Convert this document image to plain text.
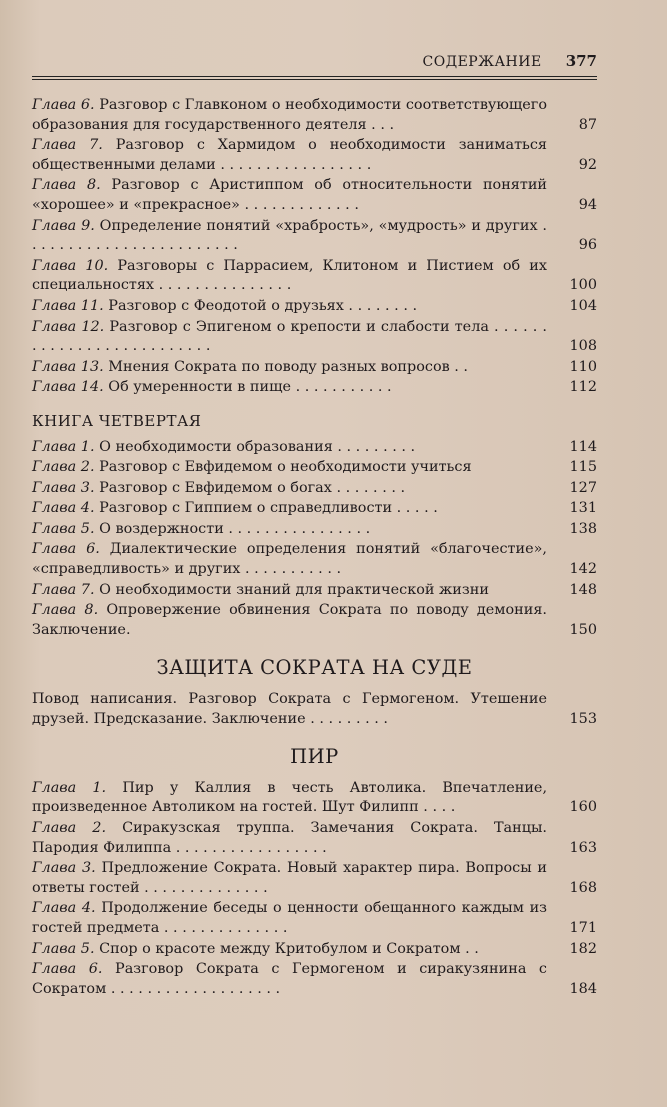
СОДЕРЖАНИЕ 377
Глава 6. Разговор с Главконом о необходимости соответствующего образования для государственного деятеля . . .	87
Глава 7. Разговор с Хармидом о необходимости заниматься общественными делами . . . . . . . . . . . . . . . . .	92
Глава 8. Разговор с Аристиппом об относительности понятий «хорошее» и «прекрасное» . . . . . . . . . . . . .	94
Глава 9. Определение понятий «храбрость», «мудрость» и других . . . . . . . . . . . . . . . . . . . . . . . .	96
Глава 10. Разговоры с Паррасием, Клитоном и Пистием об их специальностях . . . . . . . . . . . . . . .	100
Глава 11. Разговор с Феодотой о друзьях . . . . . . . .	104
Глава 12. Разговор с Эпигеном о крепости и слабости тела . . . . . . . . . . . . . . . . . . . . . . . . . .	108
Глава 13. Мнения Сократа по поводу разных вопросов . .	110
Глава 14. Об умеренности в пище . . . . . . . . . . .	112
КНИГА ЧЕТВЕРТАЯ
Глава 1. О необходимости образования . . . . . . . . .	114
Глава 2. Разговор с Евфидемом о необходимости учиться	115
Глава 3. Разговор с Евфидемом о богах . . . . . . . .	127
Глава 4. Разговор с Гиппием о справедливости . . . . .	131
Глава 5. О воздержности . . . . . . . . . . . . . . . .	138
Глава 6. Диалектические определения понятий «благочестие», «справедливость» и других . . . . . . . . . . .	142
Глава 7. О необходимости знаний для практической жизни	148
Глава 8. Опровержение обвинения Сократа по поводу демония. Заключение.	150
ЗАЩИТА СОКРАТА НА СУДЕ
Повод написания. Разговор Сократа с Гермогеном. Утешение друзей. Предсказание. Заключение . . . . . . . . .	153
ПИР
Глава 1. Пир у Каллия в честь Автолика. Впечатление, произведенное Автоликом на гостей. Шут Филипп . . . .	160
Глава 2. Сиракузская труппа. Замечания Сократа. Танцы. Пародия Филиппа . . . . . . . . . . . . . . . . .	163
Глава 3. Предложение Сократа. Новый характер пира. Вопросы и ответы гостей . . . . . . . . . . . . . .	168
Глава 4. Продолжение беседы о ценности обещанного каждым из гостей предмета . . . . . . . . . . . . . .	171
Глава 5. Спор о красоте между Критобулом и Сократом . .	182
Глава 6. Разговор Сократа с Гермогеном и сиракузянина с Сократом . . . . . . . . . . . . . . . . . . .	184
